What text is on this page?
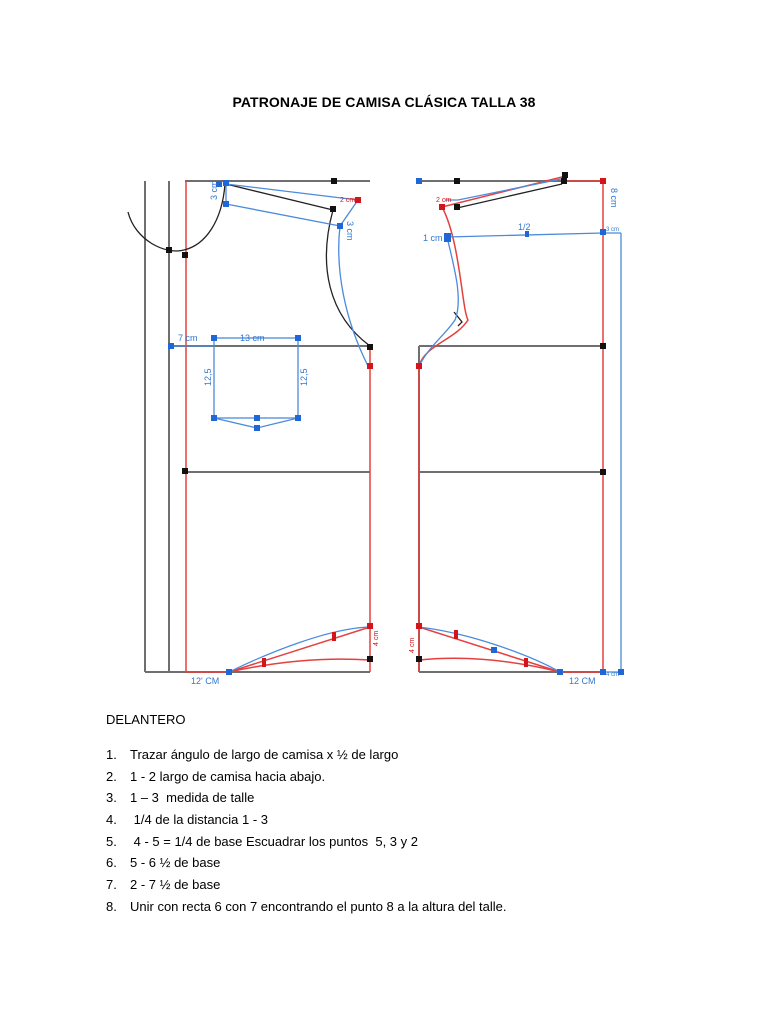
PATRONAJE DE CAMISA CLÁSICA TALLA 38
3 cm
3 cm
2 cm
7 cm	13 cm
12,5	12,5
12' CM
4 cm
8 cm
1/2
1 cm
2 cm
3 cm
12 CM
4 cm
4 cm
DELANTERO
1. Trazar ángulo de largo de camisa x ½ de largo
2. 1 - 2 largo de camisa hacia abajo.
3. 1 – 3  medida de talle
4. 1/4 de la distancia 1 - 3
5. 4 - 5 = 1/4 de base Escuadrar los puntos  5, 3 y 2
6. 5 - 6 ½ de base
7. 2 - 7 ½ de base
8. Unir con recta 6 con 7 encontrando el punto 8 a la altura del talle.
